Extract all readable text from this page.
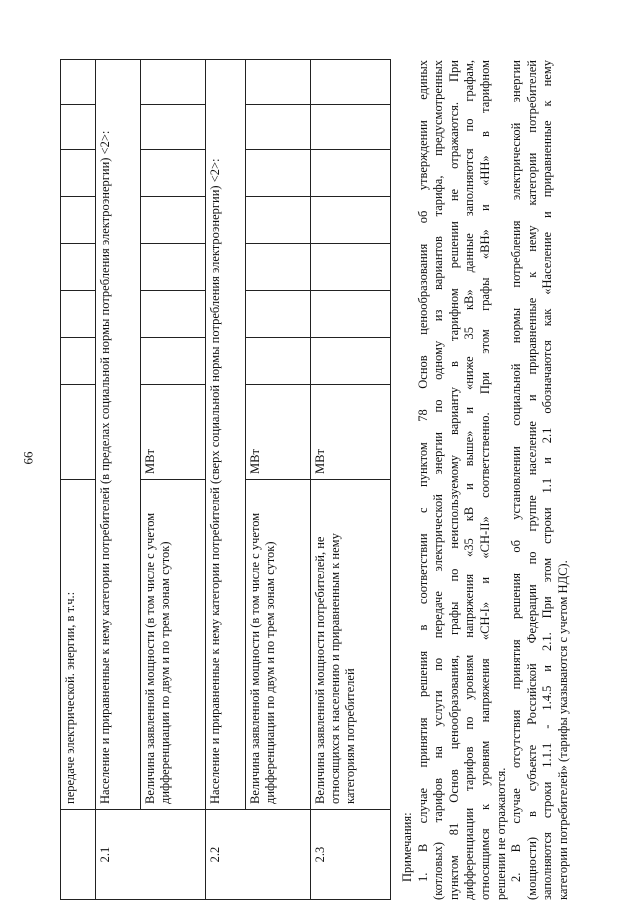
66
	передаче электрической. энергии, в т.ч.:								
2.1	Население и приравненные к нему категории потребителей (в пределах социальной нормы потребления электроэнергии) <2>:								
	Величина заявленной мощности (в том числе с учетом дифференциации по двум и по трем зонам суток)	МВт							
2.2	Население и приравненные к нему категории потребителей (сверх социальной нормы потребления электроэнергии) <2>:								
	Величина заявленной мощности (в том числе с учетом дифференциации по двум и по трем зонам суток)	МВт							
2.3	Величина заявленной мощности потребителей, не относящихся к населению и приравненным к нему категориям потребителей	МВт							
Примечания: 1. В случае принятия решения в соответствии с пунктом 78 Основ ценообразования об утверждении единых (котловых) тарифов на услуги по передаче электрической энергии по одному из вариантов тарифа, предусмотренных пунктом 81 Основ ценообразования, графы по неиспользуемому варианту в тарифном решении не отражаются. При дифференциации тарифов по уровням напряжения «35 кВ и выше» и «ниже 35 кВ» данные заполняются по графам, относящимся к уровням напряжения «СН-I» и «СН-II» соответственно. При этом графы «ВН» и «НН» в тарифном решении не отражаются. 2. В случае отсутствия принятия решения об установлении социальной нормы потребления электрической энергии (мощности) в субъекте Российской Федерации по группе население и приравненные к нему категории потребителей заполняются строки 1.1.1 - 1.4.5 и 2.1. При этом строки 1.1 и 2.1 обозначаются как «Население и приравненные к нему категории потребителей» (тарифы указываются с учетом НДС).
